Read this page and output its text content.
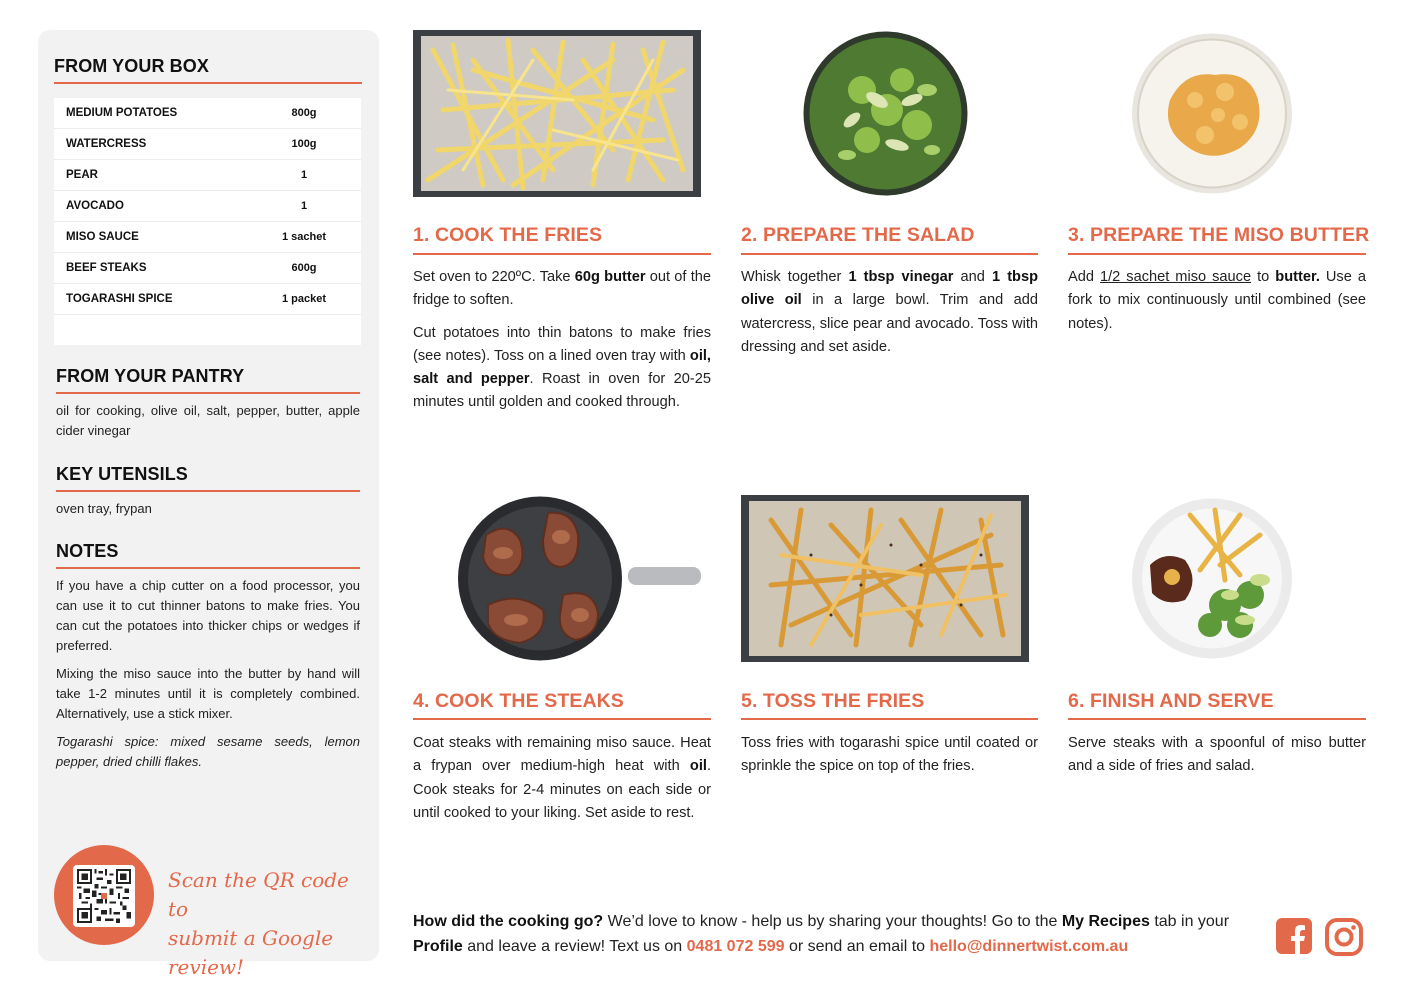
FROM YOUR BOX
MEDIUM POTATOES	800g
WATERCRESS	100g
PEAR	1
AVOCADO	1
MISO SAUCE	1 sachet
BEEF STEAKS	600g
TOGARASHI SPICE	1 packet
FROM YOUR PANTRY
oil for cooking, olive oil, salt, pepper, butter, apple cider vinegar
KEY UTENSILS
oven tray, frypan
NOTES

If you have a chip cutter on a food processor, you can use it to cut thinner batons to make fries. You can cut the potatoes into thicker chips or wedges if preferred.

Mixing the miso sauce into the butter by hand will take 1-2 minutes until it is completely combined. Alternatively, use a stick mixer.

Togarashi spice: mixed sesame seeds, lemon pepper, dried chilli flakes.

Scan the QR code to
submit a Google review!
1. COOK THE FRIES

Set oven to 220ºC. Take 60g butter out of the fridge to soften.

Cut potatoes into thin batons to make fries (see notes). Toss on a lined oven tray with oil, salt and pepper. Roast in oven for 20-25 minutes until golden and cooked through.

2. PREPARE THE SALAD

Whisk together 1 tbsp vinegar and 1 tbsp olive oil in a large bowl. Trim and add watercress, slice pear and avocado. Toss with dressing and set aside.

3. PREPARE THE MISO BUTTER

Add 1/2 sachet miso sauce to butter. Use a fork to mix continuously until combined (see notes).

4. COOK THE STEAKS

Coat steaks with remaining miso sauce. Heat a frypan over medium-high heat with oil. Cook steaks for 2-4 minutes on each side or until cooked to your liking. Set aside to rest.

5. TOSS THE FRIES

Toss fries with togarashi spice until coated or sprinkle the spice on top of the fries.

6. FINISH AND SERVE

Serve steaks with a spoonful of miso butter and a side of fries and salad.

How did the cooking go? We’d love to know - help us by sharing your thoughts! Go to the My Recipes tab in your Profile and leave a review! Text us on 0481 072 599 or send an email to hello@dinnertwist.com.au
